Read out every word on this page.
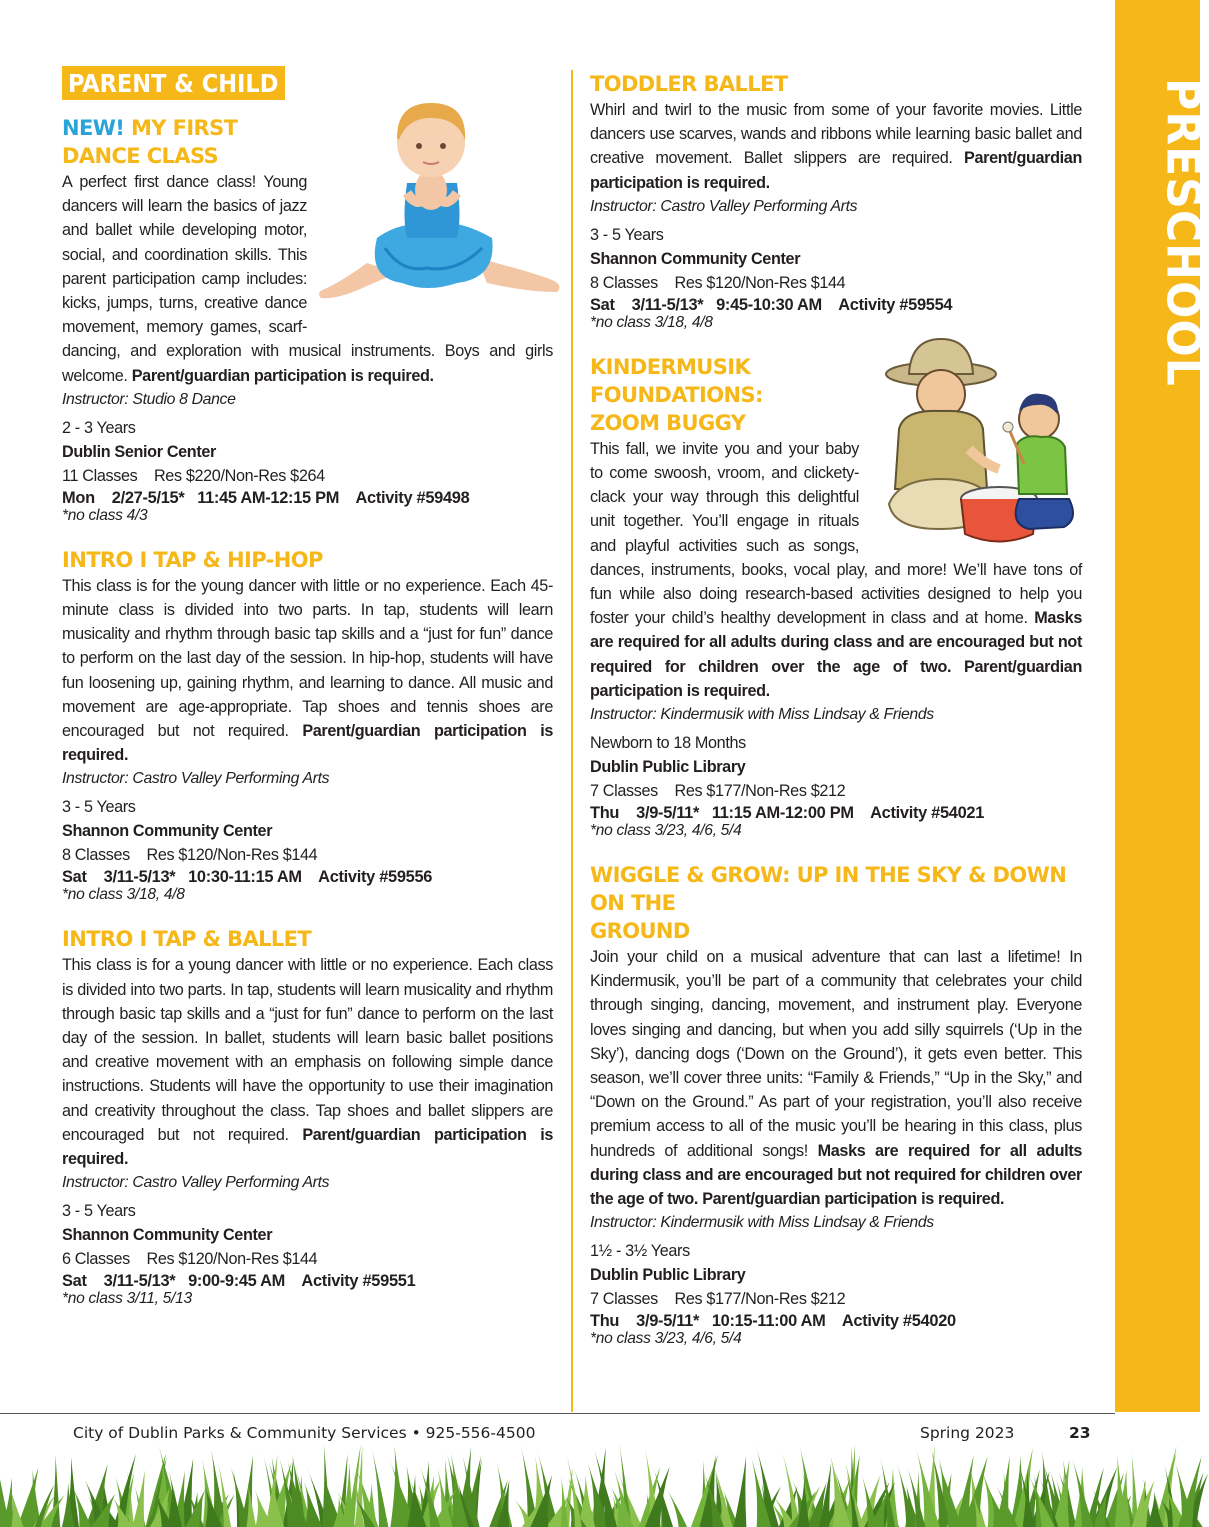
PRESCHOOL
PARENT & CHILD
NEW! MY FIRST DANCE CLASS

A perfect first dance class! Young dancers will learn the basics of jazz and ballet while developing motor, social, and coordination skills. This parent participation camp includes: kicks, jumps, turns, creative dance movement, memory games, scarf-dancing, and exploration with musical instruments. Boys and girls welcome. Parent/guardian participation is required.

Instructor: Studio 8 Dance
2 - 3 Years
Dublin Senior Center
11 Classes    Res $220/Non-Res $264
Mon    2/27-5/15*   11:45 AM-12:15 PM    Activity #59498
*no class 4/3
INTRO I TAP & HIP-HOP

This class is for the young dancer with little or no experience. Each 45-minute class is divided into two parts. In tap, students will learn musicality and rhythm through basic tap skills and a “just for fun” dance to perform on the last day of the session. In hip-hop, students will have fun loosening up, gaining rhythm, and learning to dance. All music and movement are age-appropriate. Tap shoes and tennis shoes are encouraged but not required. Parent/guardian participation is required.

Instructor: Castro Valley Performing Arts
3 - 5 Years
Shannon Community Center
8 Classes    Res $120/Non-Res $144
Sat    3/11-5/13*   10:30-11:15 AM    Activity #59556
*no class 3/18, 4/8
INTRO I TAP & BALLET

This class is for a young dancer with little or no experience. Each class is divided into two parts. In tap, students will learn musicality and rhythm through basic tap skills and a “just for fun” dance to perform on the last day of the session. In ballet, students will learn basic ballet positions and creative movement with an emphasis on following simple dance instructions. Students will have the opportunity to use their imagination and creativity throughout the class. Tap shoes and ballet slippers are encouraged but not required. Parent/guardian participation is required.

Instructor: Castro Valley Performing Arts
3 - 5 Years
Shannon Community Center
6 Classes    Res $120/Non-Res $144
Sat    3/11-5/13*   9:00-9:45 AM    Activity #59551
*no class 3/11, 5/13
TODDLER BALLET

Whirl and twirl to the music from some of your favorite movies. Little dancers use scarves, wands and ribbons while learning basic ballet and creative movement. Ballet slippers are required. Parent/guardian participation is required.

Instructor: Castro Valley Performing Arts
3 - 5 Years
Shannon Community Center
8 Classes    Res $120/Non-Res $144
Sat    3/11-5/13*   9:45-10:30 AM    Activity #59554
*no class 3/18, 4/8
KINDERMUSIK FOUNDATIONS:
ZOOM BUGGY

This fall, we invite you and your baby to come swoosh, vroom, and clickety-clack your way through this delightful unit together. You’ll engage in rituals and playful activities such as songs, dances, instruments, books, vocal play, and more! We’ll have tons of fun while also doing research-based activities designed to help you foster your child’s healthy development in class and at home. Masks are required for all adults during class and are encouraged but not required for children over the age of two. Parent/guardian participation is required.

Instructor: Kindermusik with Miss Lindsay & Friends
Newborn to 18 Months
Dublin Public Library
7 Classes    Res $177/Non-Res $212
Thu    3/9-5/11*   11:15 AM-12:00 PM    Activity #54021
*no class 3/23, 4/6, 5/4
WIGGLE & GROW: UP IN THE SKY & DOWN ON THE
GROUND

Join your child on a musical adventure that can last a lifetime! In Kindermusik, you’ll be part of a community that celebrates your child through singing, dancing, movement, and instrument play. Everyone loves singing and dancing, but when you add silly squirrels (‘Up in the Sky’), dancing dogs (‘Down on the Ground’), it gets even better. This season, we’ll cover three units: “Family & Friends,” “Up in the Sky,” and “Down on the Ground.” As part of your registration, you’ll also receive premium access to all of the music you’ll be hearing in this class, plus hundreds of additional songs! Masks are required for all adults during class and are encouraged but not required for children over the age of two. Parent/guardian participation is required.

Instructor: Kindermusik with Miss Lindsay & Friends
1½ - 3½ Years
Dublin Public Library
7 Classes    Res $177/Non-Res $212
Thu    3/9-5/11*   10:15-11:00 AM    Activity #54020
*no class 3/23, 4/6, 5/4
City of Dublin Parks & Community Services • 925-556-4500	Spring 2023	23
